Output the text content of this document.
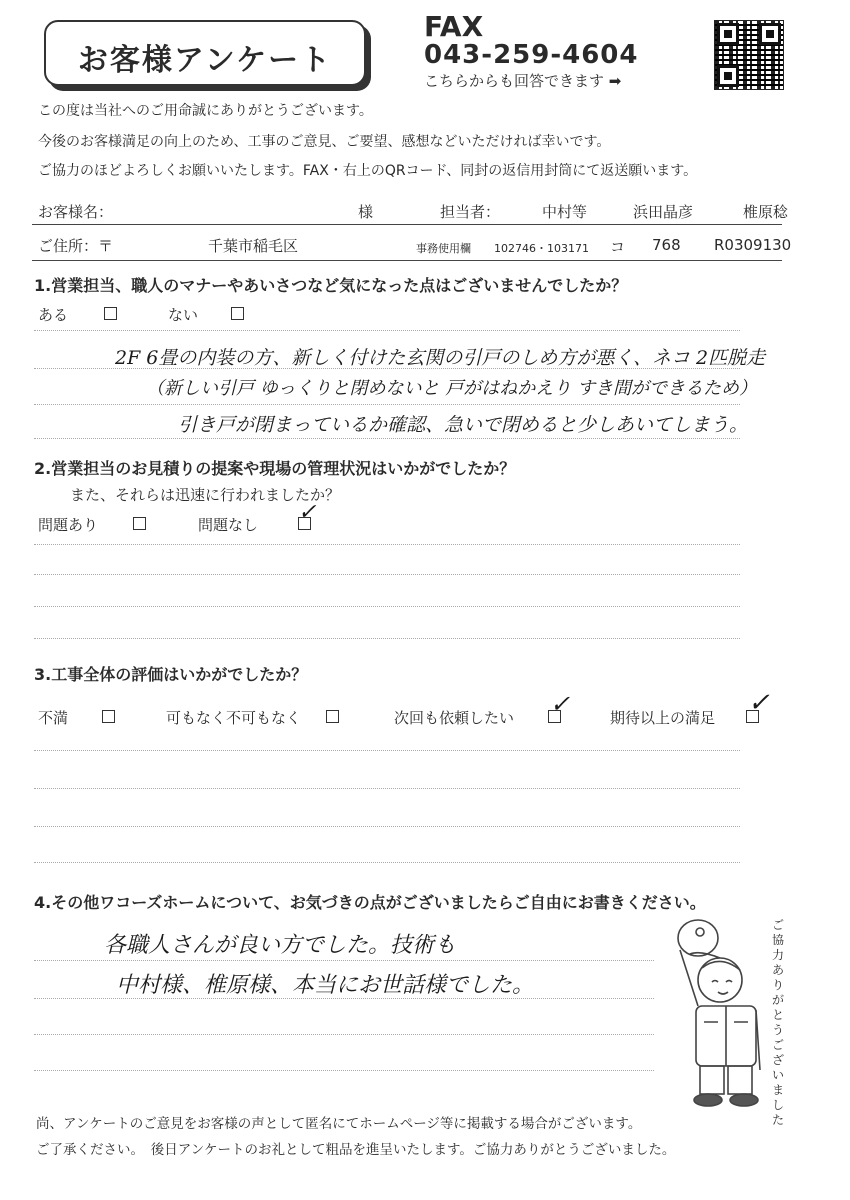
お客様アンケート
FAX
043-259-4604
こちらからも回答できます ➡
この度は当社へのご用命誠にありがとうございます。
今後のお客様満足の向上のため、工事のご意見、ご要望、感想などいただければ幸いです。
ご協力のほどよろしくお願いいたします。FAX・右上のQRコード、同封の返信用封筒にて返送願います。
お客様名：	様	担当者：	中村等	浜田晶彦	椎原稔
ご住所：〒	千葉市稲毛区	事務使用欄 102746・103171 コ 768 R0309130
1.営業担当、職人のマナーやあいさつなど気になった点はございませんでしたか？
ある	ない
2F 6畳の内装の方、新しく付けた玄関の引戸のしめ方が悪く、ネコ 2匹脱走
（新しい引戸 ゆっくりと閉めないと 戸がはねかえり すき間ができるため）
引き戸が閉まっているか確認、急いで閉めると少しあいてしまう。
2.営業担当のお見積りの提案や現場の管理状況はいかがでしたか？
また、それらは迅速に行われましたか？
問題あり	問題なし ✓
3.工事全体の評価はいかがでしたか？
不満	可もなく不可もなく	次回も依頼したい ✓	期待以上の満足 ✓
4.その他ワコーズホームについて、お気づきの点がございましたらご自由にお書きください。
各職人さんが良い方でした。技術も
中村様、椎原様、本当にお世話様でした。
ご協力ありがとうございました
尚、アンケートのご意見をお客様の声として匿名にてホームページ等に掲載する場合がございます。
ご了承ください。　後日アンケートのお礼として粗品を進呈いたします。ご協力ありがとうございました。
